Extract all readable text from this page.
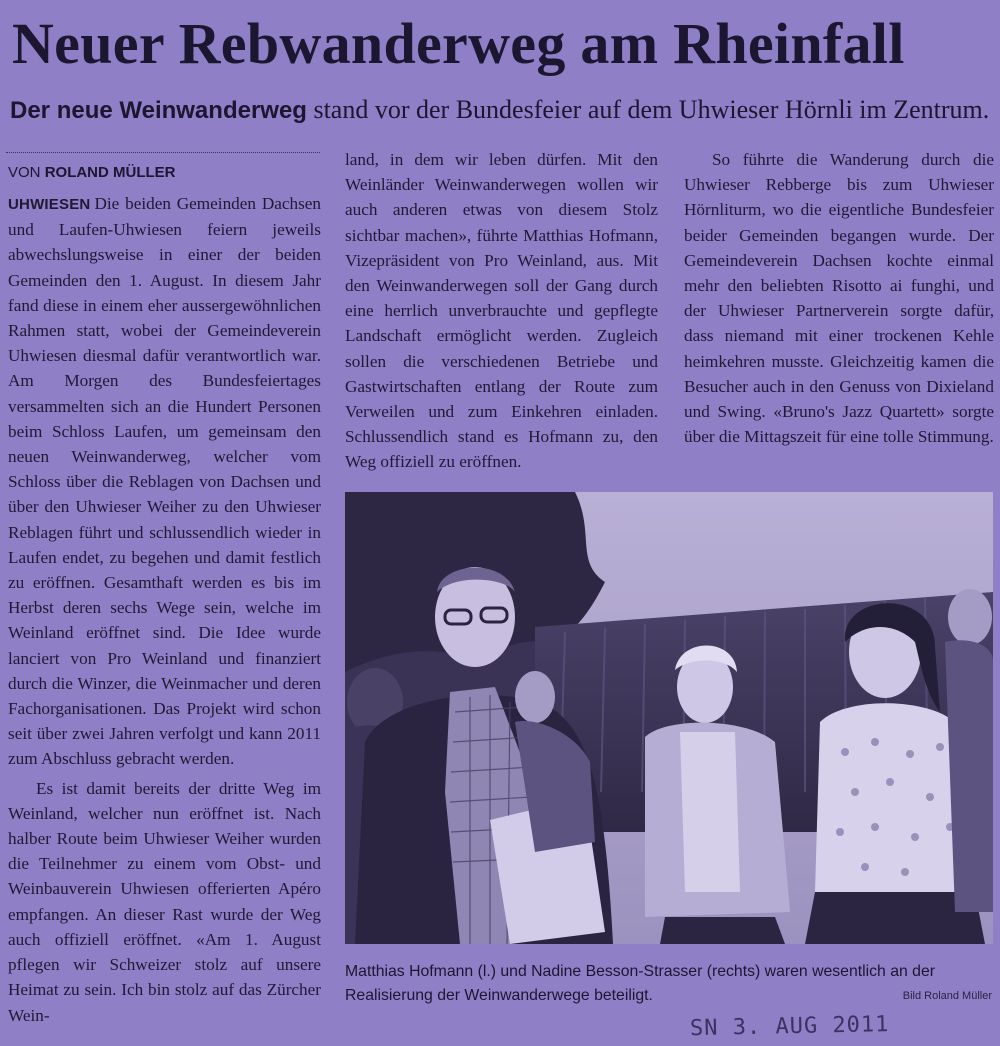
Neuer Rebwanderweg am Rheinfall
Der neue Weinwanderweg stand vor der Bundesfeier auf dem Uhwieser Hörnli im Zentrum.
VON ROLAND MÜLLER

UHWIESEN Die beiden Gemeinden Dachsen und Laufen-Uhwiesen feiern jeweils abwechslungsweise in einer der beiden Gemeinden den 1. August. In diesem Jahr fand diese in einem eher aussergewöhnlichen Rahmen statt, wobei der Gemeindeverein Uhwiesen diesmal dafür verantwortlich war. Am Morgen des Bundesfeiertages versammelten sich an die Hundert Personen beim Schloss Laufen, um gemeinsam den neuen Weinwanderweg, welcher vom Schloss über die Reblagen von Dachsen und über den Uhwieser Weiher zu den Uhwieser Reblagen führt und schlussendlich wieder in Laufen endet, zu begehen und damit festlich zu eröffnen. Gesamthaft werden es bis im Herbst deren sechs Wege sein, welche im Weinland eröffnet sind. Die Idee wurde lanciert von Pro Weinland und finanziert durch die Winzer, die Weinmacher und deren Fachorganisationen. Das Projekt wird schon seit über zwei Jahren verfolgt und kann 2011 zum Abschluss gebracht werden.

Es ist damit bereits der dritte Weg im Weinland, welcher nun eröffnet ist. Nach halber Route beim Uhwieser Weiher wurden die Teilnehmer zu einem vom Obst- und Weinbauverein Uhwiesen offerierten Apéro empfangen. An dieser Rast wurde der Weg auch offiziell eröffnet. «Am 1. August pflegen wir Schweizer stolz auf unsere Heimat zu sein. Ich bin stolz auf das Zürcher Wein-

land, in dem wir leben dürfen. Mit den Weinländer Weinwanderwegen wollen wir auch anderen etwas von diesem Stolz sichtbar machen», führte Matthias Hofmann, Vizepräsident von Pro Weinland, aus. Mit den Weinwanderwegen soll der Gang durch eine herrlich unverbrauchte und gepflegte Landschaft ermöglicht werden. Zugleich sollen die verschiedenen Betriebe und Gastwirtschaften entlang der Route zum Verweilen und zum Einkehren einladen. Schlussendlich stand es Hofmann zu, den Weg offiziell zu eröffnen.

So führte die Wanderung durch die Uhwieser Rebberge bis zum Uhwieser Hörnliturm, wo die eigentliche Bundesfeier beider Gemeinden begangen wurde. Der Gemeindeverein Dachsen kochte einmal mehr den beliebten Risotto ai funghi, und der Uhwieser Partnerverein sorgte dafür, dass niemand mit einer trockenen Kehle heimkehren musste. Gleichzeitig kamen die Besucher auch in den Genuss von Dixieland und Swing. «Bruno's Jazz Quartett» sorgte über die Mittagszeit für eine tolle Stimmung.

Matthias Hofmann (l.) und Nadine Besson-Strasser (rechts) waren wesentlich an der Realisierung der Weinwanderwege beteiligt.	Bild Roland Müller
SN 3. AUG 2011
